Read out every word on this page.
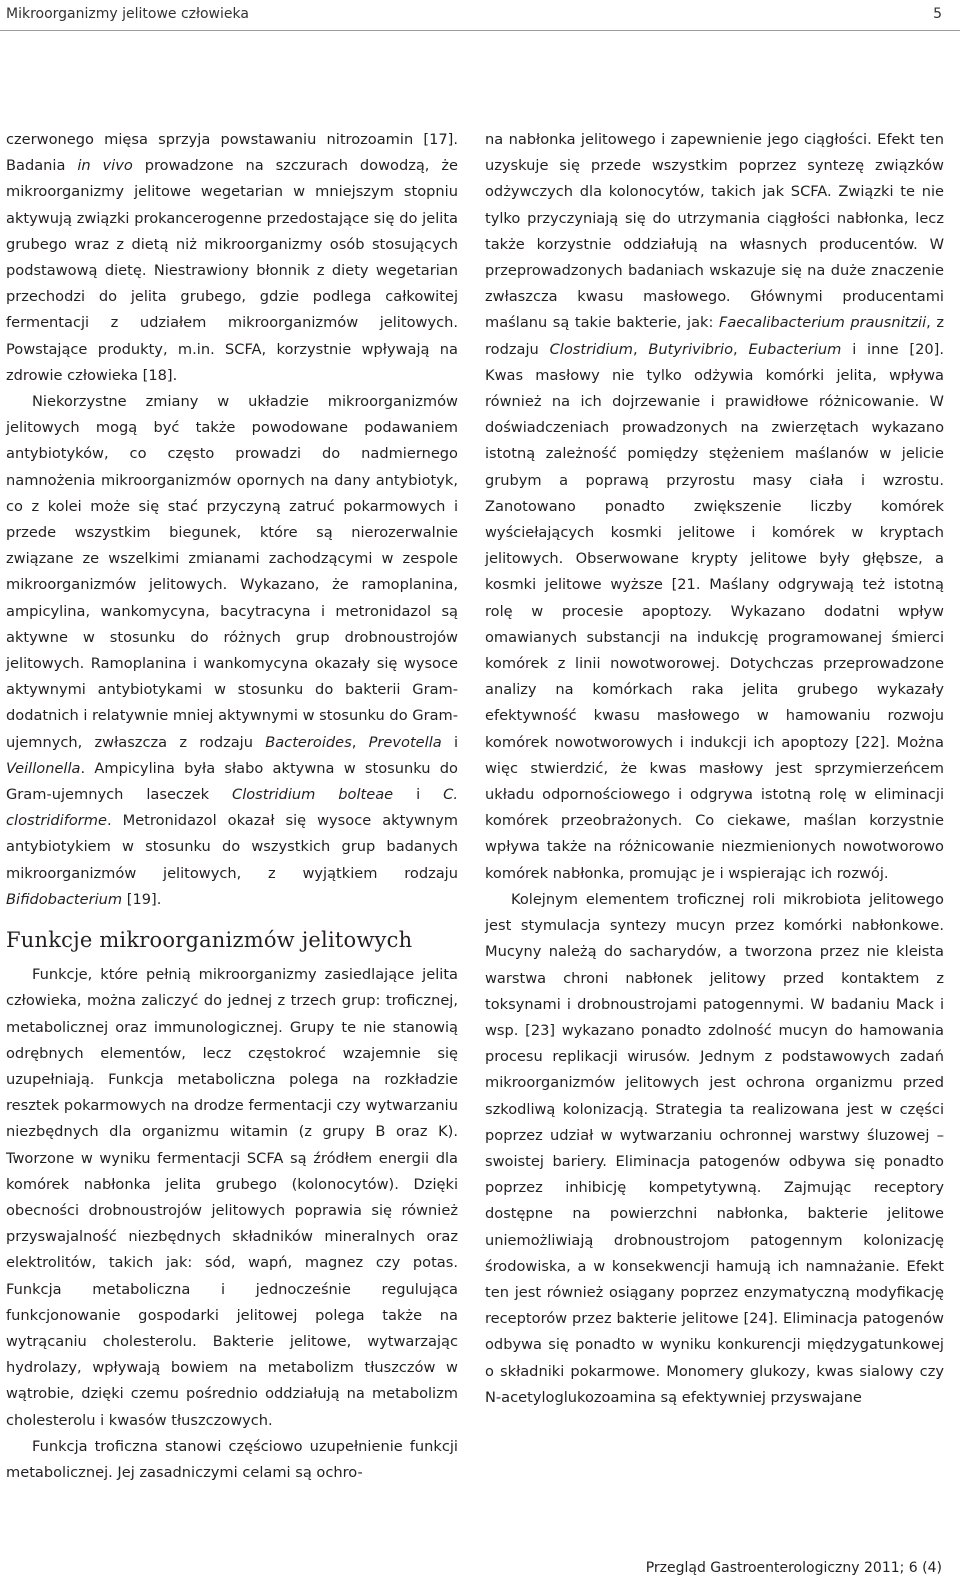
Mikroorganizmy jelitowe człowieka	5

czerwonego mięsa sprzyja powstawaniu nitrozoamin [17]. Badania in vivo prowadzone na szczurach dowodzą, że mikroorganizmy jelitowe wegetarian w mniejszym stopniu aktywują związki prokancerogenne przedostające się do jelita grubego wraz z dietą niż mikroorganizmy osób stosujących podstawową dietę. Niestrawiony błonnik z diety wegetarian przechodzi do jelita grubego, gdzie podlega całkowitej fermentacji z udziałem mikroorganizmów jelitowych. Powstające produkty, m.in. SCFA, korzystnie wpływają na zdrowie człowieka [18].

Niekorzystne zmiany w układzie mikroorganizmów jelitowych mogą być także powodowane podawaniem antybiotyków, co często prowadzi do nadmiernego namnożenia mikroorganizmów opornych na dany antybiotyk, co z kolei może się stać przyczyną zatruć pokarmowych i przede wszystkim biegunek, które są nierozerwalnie związane ze wszelkimi zmianami zachodzącymi w zespole mikroorganizmów jelitowych. Wykazano, że ramoplanina, ampicylina, wankomycyna, bacytracyna i metronidazol są aktywne w stosunku do różnych grup drobnoustrojów jelitowych. Ramoplanina i wankomycyna okazały się wysoce aktywnymi antybiotykami w stosunku do bakterii Gram-dodatnich i relatywnie mniej aktywnymi w stosunku do Gram-ujemnych, zwłaszcza z rodzaju Bacteroides, Prevotella i Veillonella. Ampicylina była słabo aktywna w stosunku do Gram-ujemnych laseczek Clostridium bolteae i C. clostridiforme. Metronidazol okazał się wysoce aktywnym antybiotykiem w stosunku do wszystkich grup badanych mikroorganizmów jelitowych, z wyjątkiem rodzaju Bifidobacterium [19].

Funkcje mikroorganizmów jelitowych

Funkcje, które pełnią mikroorganizmy zasiedlające jelita człowieka, można zaliczyć do jednej z trzech grup: troficznej, metabolicznej oraz immunologicznej. Grupy te nie stanowią odrębnych elementów, lecz częstokroć wzajemnie się uzupełniają. Funkcja metaboliczna polega na rozkładzie resztek pokarmowych na drodze fermentacji czy wytwarzaniu niezbędnych dla organizmu witamin (z grupy B oraz K). Tworzone w wyniku fermentacji SCFA są źródłem energii dla komórek nabłonka jelita grubego (kolonocytów). Dzięki obecności drobnoustrojów jelitowych poprawia się również przyswajalność niezbędnych składników mineralnych oraz elektrolitów, takich jak: sód, wapń, magnez czy potas. Funkcja metaboliczna i jednocześnie regulująca funkcjonowanie gospodarki jelitowej polega także na wytrącaniu cholesterolu. Bakterie jelitowe, wytwarzając hydrolazy, wpływają bowiem na metabolizm tłuszczów w wątrobie, dzięki czemu pośrednio oddziałują na metabolizm cholesterolu i kwasów tłuszczowych.

Funkcja troficzna stanowi częściowo uzupełnienie funkcji metabolicznej. Jej zasadniczymi celami są ochro-

na nabłonka jelitowego i zapewnienie jego ciągłości. Efekt ten uzyskuje się przede wszystkim poprzez syntezę związków odżywczych dla kolonocytów, takich jak SCFA. Związki te nie tylko przyczyniają się do utrzymania ciągłości nabłonka, lecz także korzystnie oddziałują na własnych producentów. W przeprowadzonych badaniach wskazuje się na duże znaczenie zwłaszcza kwasu masłowego. Głównymi producentami maślanu są takie bakterie, jak: Faecalibacterium prausnitzii, z rodzaju Clostridium, Butyrivibrio, Eubacterium i inne [20]. Kwas masłowy nie tylko odżywia komórki jelita, wpływa również na ich dojrzewanie i prawidłowe różnicowanie. W doświadczeniach prowadzonych na zwierzętach wykazano istotną zależność pomiędzy stężeniem maślanów w jelicie grubym a poprawą przyrostu masy ciała i wzrostu. Zanotowano ponadto zwiększenie liczby komórek wyściełających kosmki jelitowe i komórek w kryptach jelitowych. Obserwowane krypty jelitowe były głębsze, a kosmki jelitowe wyższe [21. Maślany odgrywają też istotną rolę w procesie apoptozy. Wykazano dodatni wpływ omawianych substancji na indukcję programowanej śmierci komórek z linii nowotworowej. Dotychczas przeprowadzone analizy na komórkach raka jelita grubego wykazały efektywność kwasu masłowego w hamowaniu rozwoju komórek nowotworowych i indukcji ich apoptozy [22]. Można więc stwierdzić, że kwas masłowy jest sprzymierzeńcem układu odpornościowego i odgrywa istotną rolę w eliminacji komórek przeobrażonych. Co ciekawe, maślan korzystnie wpływa także na różnicowanie niezmienionych nowotworowo komórek nabłonka, promując je i wspierając ich rozwój.

Kolejnym elementem troficznej roli mikrobiota jelitowego jest stymulacja syntezy mucyn przez komórki nabłonkowe. Mucyny należą do sacharydów, a tworzona przez nie kleista warstwa chroni nabłonek jelitowy przed kontaktem z toksynami i drobnoustrojami patogennymi. W badaniu Mack i wsp. [23] wykazano ponadto zdolność mucyn do hamowania procesu replikacji wirusów. Jednym z podstawowych zadań mikroorganizmów jelitowych jest ochrona organizmu przed szkodliwą kolonizacją. Strategia ta realizowana jest w części poprzez udział w wytwarzaniu ochronnej warstwy śluzowej – swoistej bariery. Eliminacja patogenów odbywa się ponadto poprzez inhibicję kompetytywną. Zajmując receptory dostępne na powierzchni nabłonka, bakterie jelitowe uniemożliwiają drobnoustrojom patogennym kolonizację środowiska, a w konsekwencji hamują ich namnażanie. Efekt ten jest również osiągany poprzez enzymatyczną modyfikację receptorów przez bakterie jelitowe [24]. Eliminacja patogenów odbywa się ponadto w wyniku konkurencji międzygatunkowej o składniki pokarmowe. Monomery glukozy, kwas sialowy czy N-acetyloglukozoamina są efektywniej przyswajane

Przegląd Gastroenterologiczny 2011; 6 (4)
